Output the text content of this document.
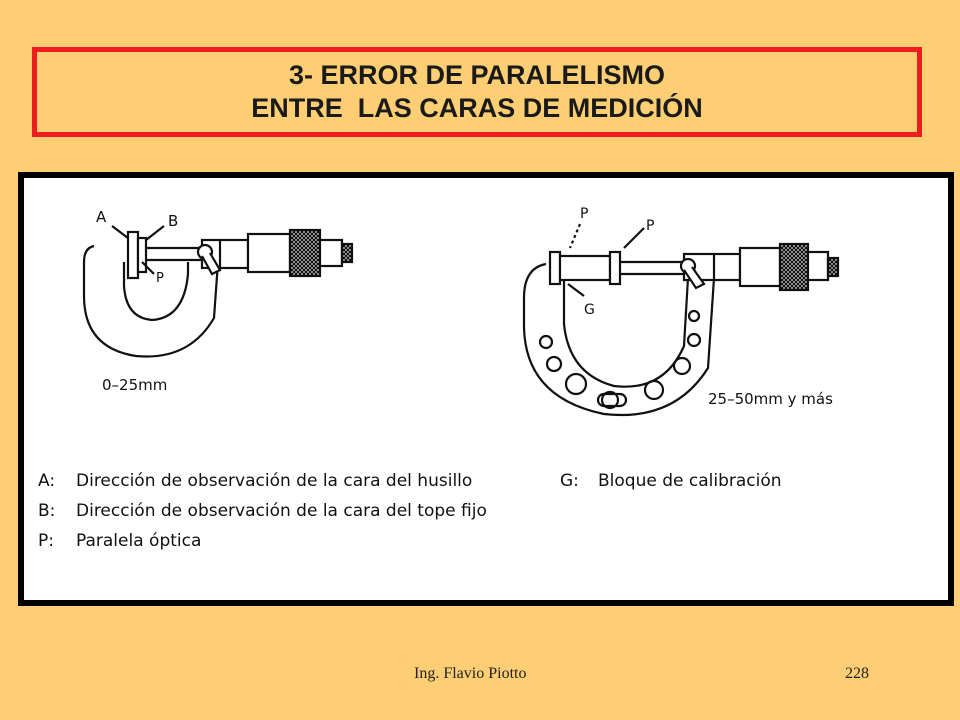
3- ERROR DE PARALELISMO
ENTRE  LAS CARAS DE MEDICIÓN
A	B
P
0–25mm
P
P
G
25–50mm y más
A: Dirección de observación de la cara del husillo
B: Dirección de observación de la cara del tope fijo
P: Paralela óptica
G: Bloque de calibración
Ing. Flavio Piotto	228
